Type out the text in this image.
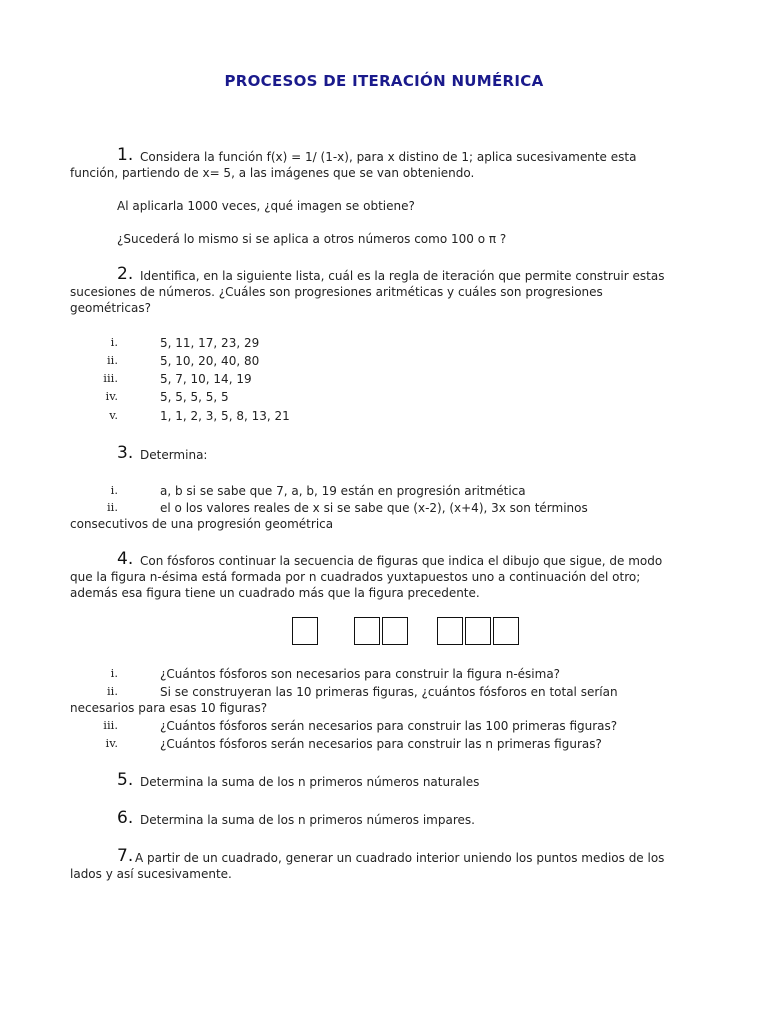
PROCESOS DE ITERACIÓN NUMÉRICA
1. Considera la función f(x) = 1/ (1-x), para x distino de 1; aplica sucesivamente esta
función, partiendo de x= 5, a las imágenes que se van obteniendo.
Al aplicarla 1000 veces, ¿qué imagen se obtiene?
¿Sucederá lo mismo si se aplica a otros números como 100 o π ?
2. Identifica, en la siguiente lista, cuál es la regla de iteración que permite construir estas
sucesiones de números. ¿Cuáles son progresiones aritméticas y cuáles son progresiones
geométricas?
i.	5, 11, 17, 23, 29
ii.	5, 10, 20, 40, 80
iii.	5, 7, 10, 14, 19
iv.	5, 5, 5, 5, 5
v.	1, 1, 2, 3, 5, 8, 13, 21
3. Determina:
i.	a, b si se sabe que 7, a, b, 19 están en progresión aritmética
ii.	el o los valores reales de x si se sabe que (x-2), (x+4), 3x son términos
consecutivos de una progresión geométrica
4. Con fósforos continuar la secuencia de figuras que indica el dibujo que sigue, de modo
que la figura n-ésima está formada por n cuadrados yuxtapuestos uno a continuación del otro;
además esa figura tiene un cuadrado más que la figura precedente.
i.	¿Cuántos fósforos son necesarios para construir la figura n-ésima?
ii.	Si se construyeran las 10 primeras figuras, ¿cuántos fósforos en total serían
necesarios para esas 10 figuras?
iii.	¿Cuántos fósforos serán necesarios para construir las 100 primeras figuras?
iv.	¿Cuántos fósforos serán necesarios para construir las n primeras figuras?
5. Determina la suma de los n primeros números naturales
6. Determina la suma de los n primeros números impares.
7. A partir de un cuadrado, generar un cuadrado interior uniendo los puntos medios de los
lados y así sucesivamente.
